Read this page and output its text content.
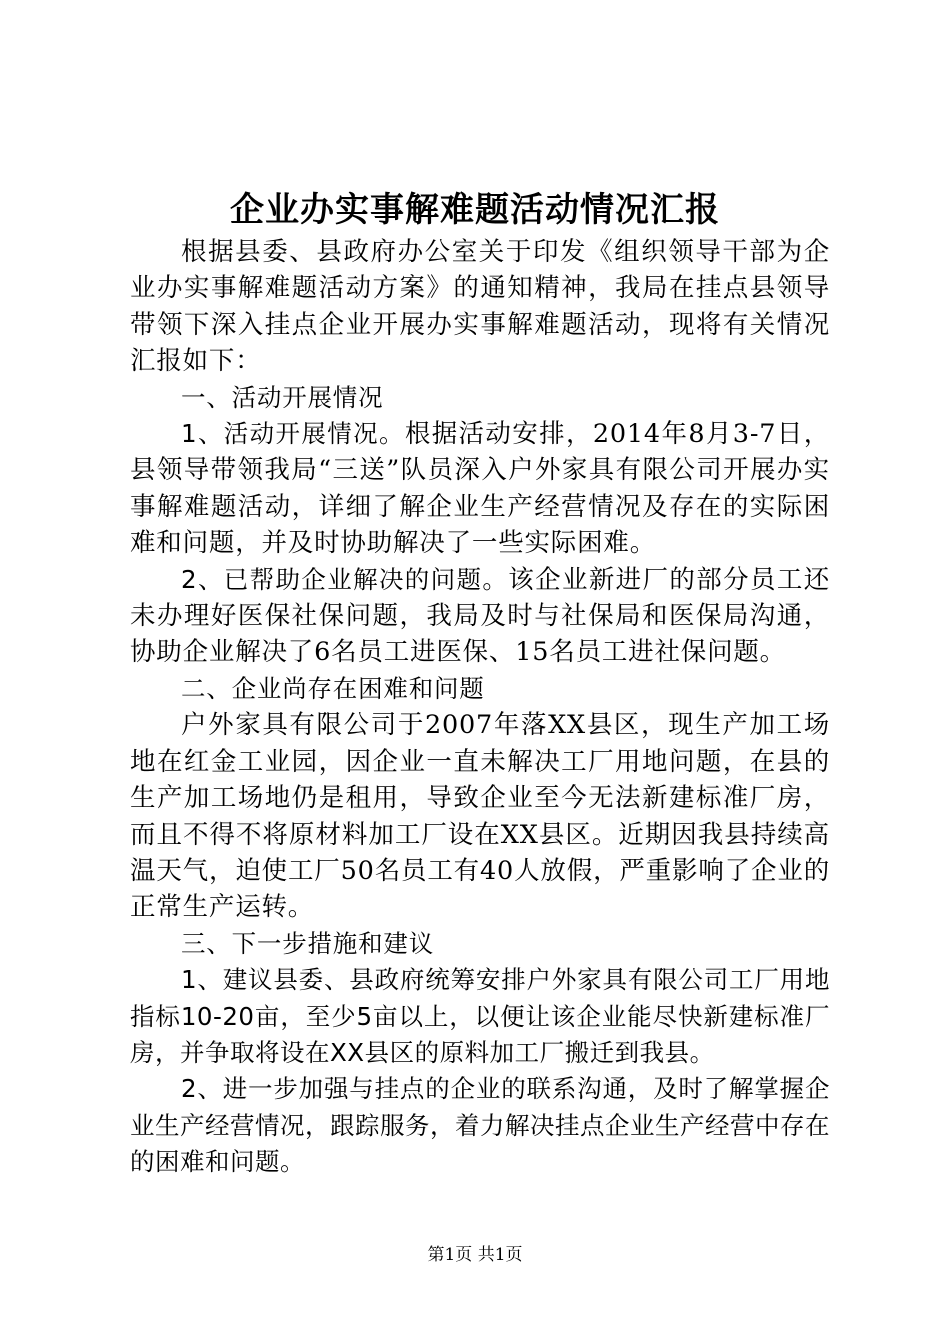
企业办实事解难题活动情况汇报

根据县委、县政府办公室关于印发《组织领导干部为企业办实事解难题活动方案》的通知精神，我局在挂点县领导带领下深入挂点企业开展办实事解难题活动，现将有关情况汇报如下：

一、活动开展情况

1、活动开展情况。根据活动安排，2014年8月3-7日，县领导带领我局“三送”队员深入户外家具有限公司开展办实事解难题活动，详细了解企业生产经营情况及存在的实际困难和问题，并及时协助解决了一些实际困难。

2、已帮助企业解决的问题。该企业新进厂的部分员工还未办理好医保社保问题，我局及时与社保局和医保局沟通，协助企业解决了6名员工进医保、15名员工进社保问题。

二、企业尚存在困难和问题

户外家具有限公司于2007年落XX县区，现生产加工场地在红金工业园，因企业一直未解决工厂用地问题，在县的生产加工场地仍是租用，导致企业至今无法新建标准厂房，而且不得不将原材料加工厂设在XX县区。近期因我县持续高温天气，迫使工厂50名员工有40人放假，严重影响了企业的正常生产运转。

三、下一步措施和建议

1、建议县委、县政府统筹安排户外家具有限公司工厂用地指标10-20亩，至少5亩以上，以便让该企业能尽快新建标准厂房，并争取将设在XX县区的原料加工厂搬迁到我县。

2、进一步加强与挂点的企业的联系沟通，及时了解掌握企业生产经营情况，跟踪服务，着力解决挂点企业生产经营中存在的困难和问题。

第1页 共1页
